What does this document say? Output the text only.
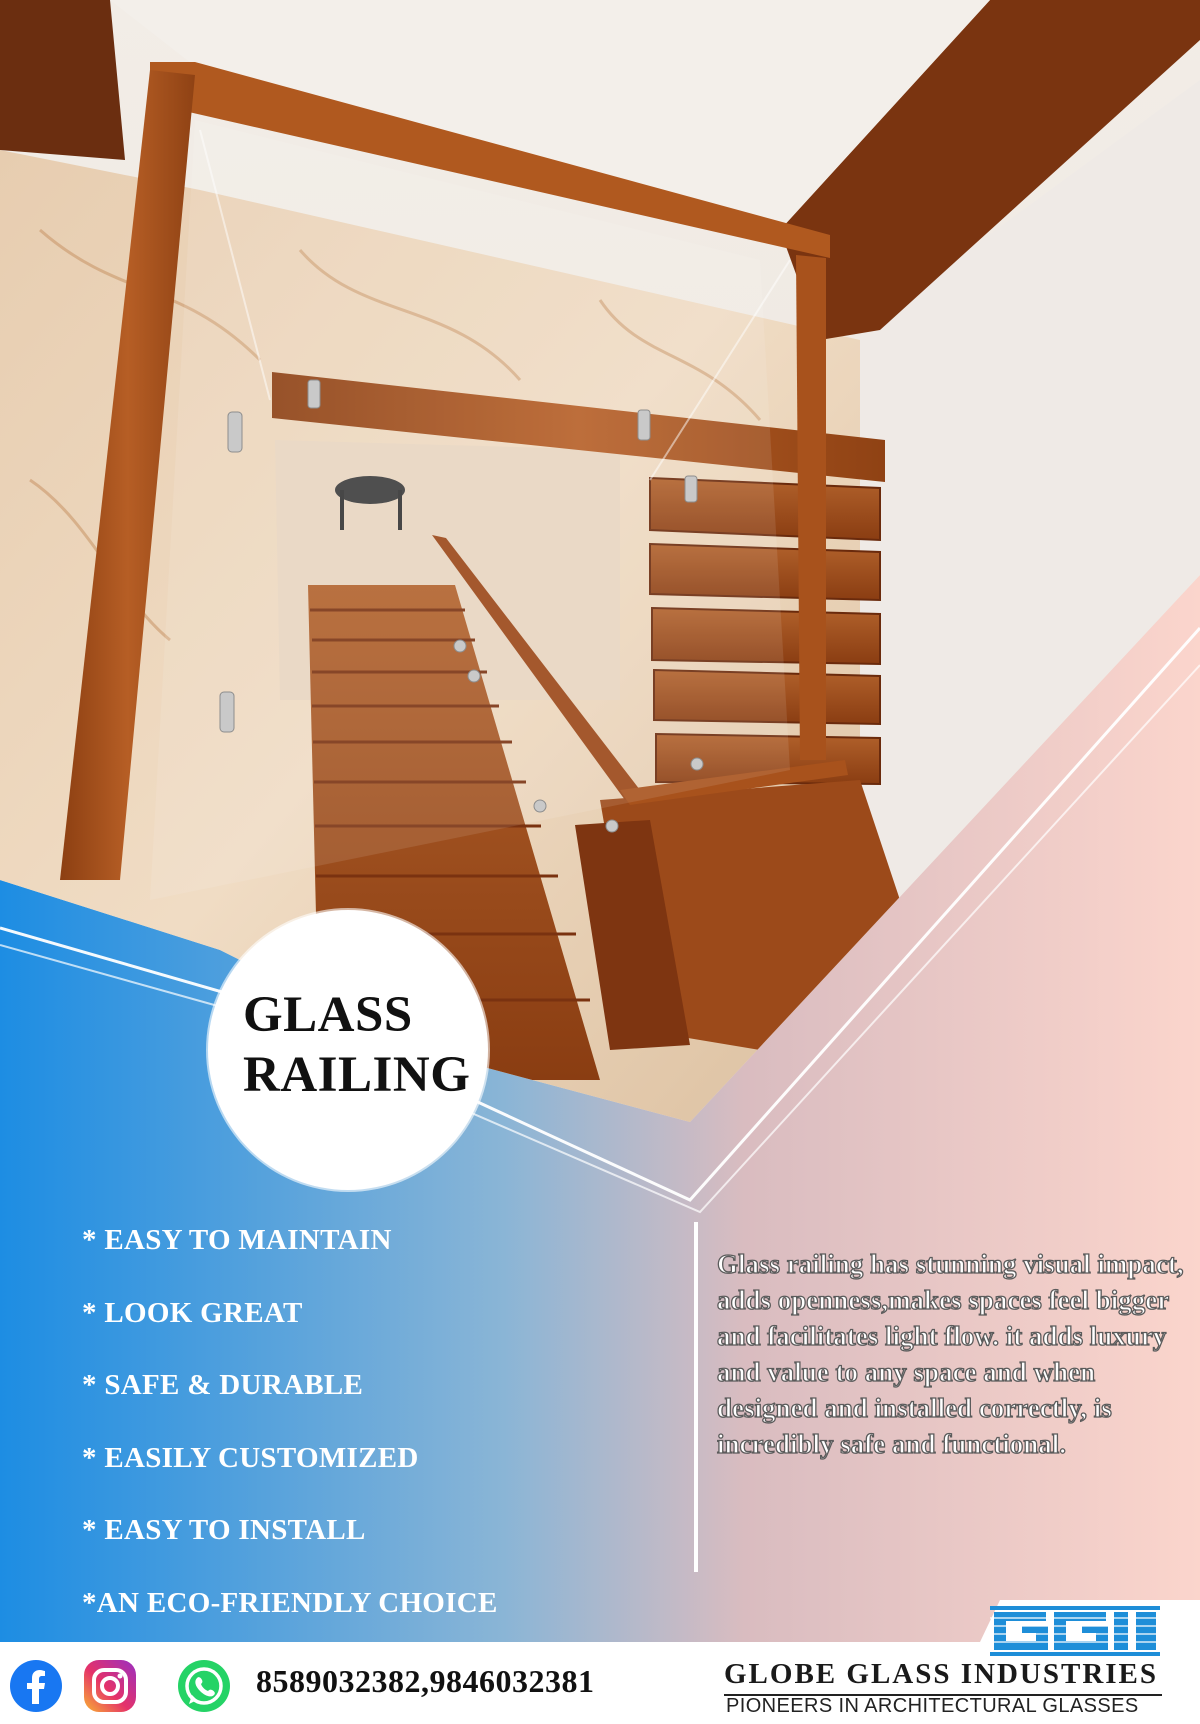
GLASS
RAILING
* EASY TO MAINTAIN
* LOOK GREAT
* SAFE & DURABLE
* EASILY CUSTOMIZED
* EASY TO INSTALL
*AN ECO-FRIENDLY CHOICE

Glass railing has stunning visual impact, adds openness,makes spaces feel bigger and facilitates light flow. it adds luxury and value to any space and when designed and installed correctly, is incredibly safe and functional.

GLOBE GLASS INDUSTRIES
PIONEERS IN ARCHITECTURAL GLASSES
8589032382,9846032381
